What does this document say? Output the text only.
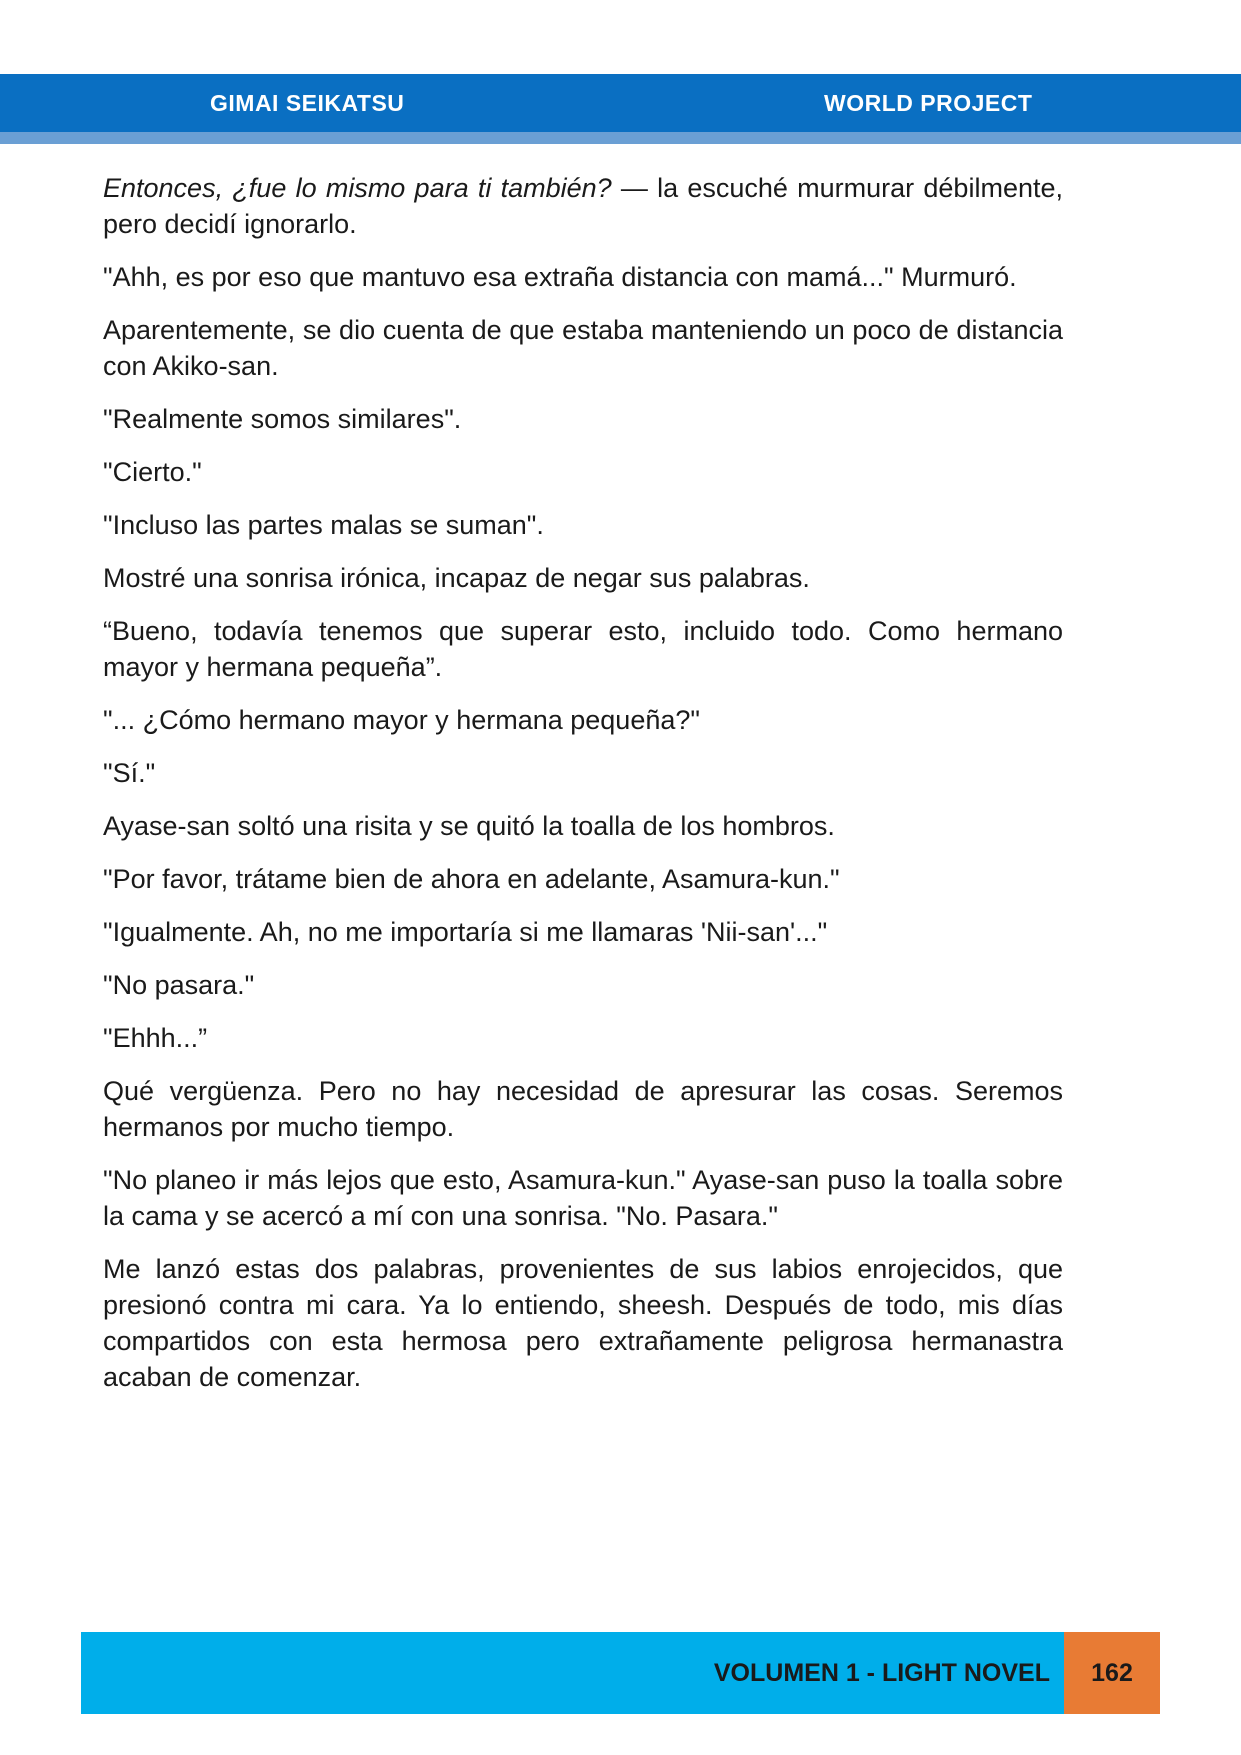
GIMAI SEIKATSU	WORLD PROJECT

Entonces, ¿fue lo mismo para ti también? — la escuché murmurar débilmente, pero decidí ignorarlo.

"Ahh, es por eso que mantuvo esa extraña distancia con mamá..." Murmuró.

Aparentemente, se dio cuenta de que estaba manteniendo un poco de distancia con Akiko-san.

"Realmente somos similares".

"Cierto."

"Incluso las partes malas se suman".

Mostré una sonrisa irónica, incapaz de negar sus palabras.

“Bueno, todavía tenemos que superar esto, incluido todo. Como hermano mayor y hermana pequeña”.

"... ¿Cómo hermano mayor y hermana pequeña?"

"Sí."

Ayase-san soltó una risita y se quitó la toalla de los hombros.

"Por favor, trátame bien de ahora en adelante, Asamura-kun."

"Igualmente. Ah, no me importaría si me llamaras 'Nii-san'..."

"No pasara."

"Ehhh...”

Qué vergüenza. Pero no hay necesidad de apresurar las cosas. Seremos hermanos por mucho tiempo.

"No planeo ir más lejos que esto, Asamura-kun." Ayase-san puso la toalla sobre la cama y se acercó a mí con una sonrisa. "No. Pasara."

Me lanzó estas dos palabras, provenientes de sus labios enrojecidos, que presionó contra mi cara. Ya lo entiendo, sheesh. Después de todo, mis días compartidos con esta hermosa pero extrañamente peligrosa hermanastra acaban de comenzar.

VOLUMEN 1 - LIGHT NOVEL	162
